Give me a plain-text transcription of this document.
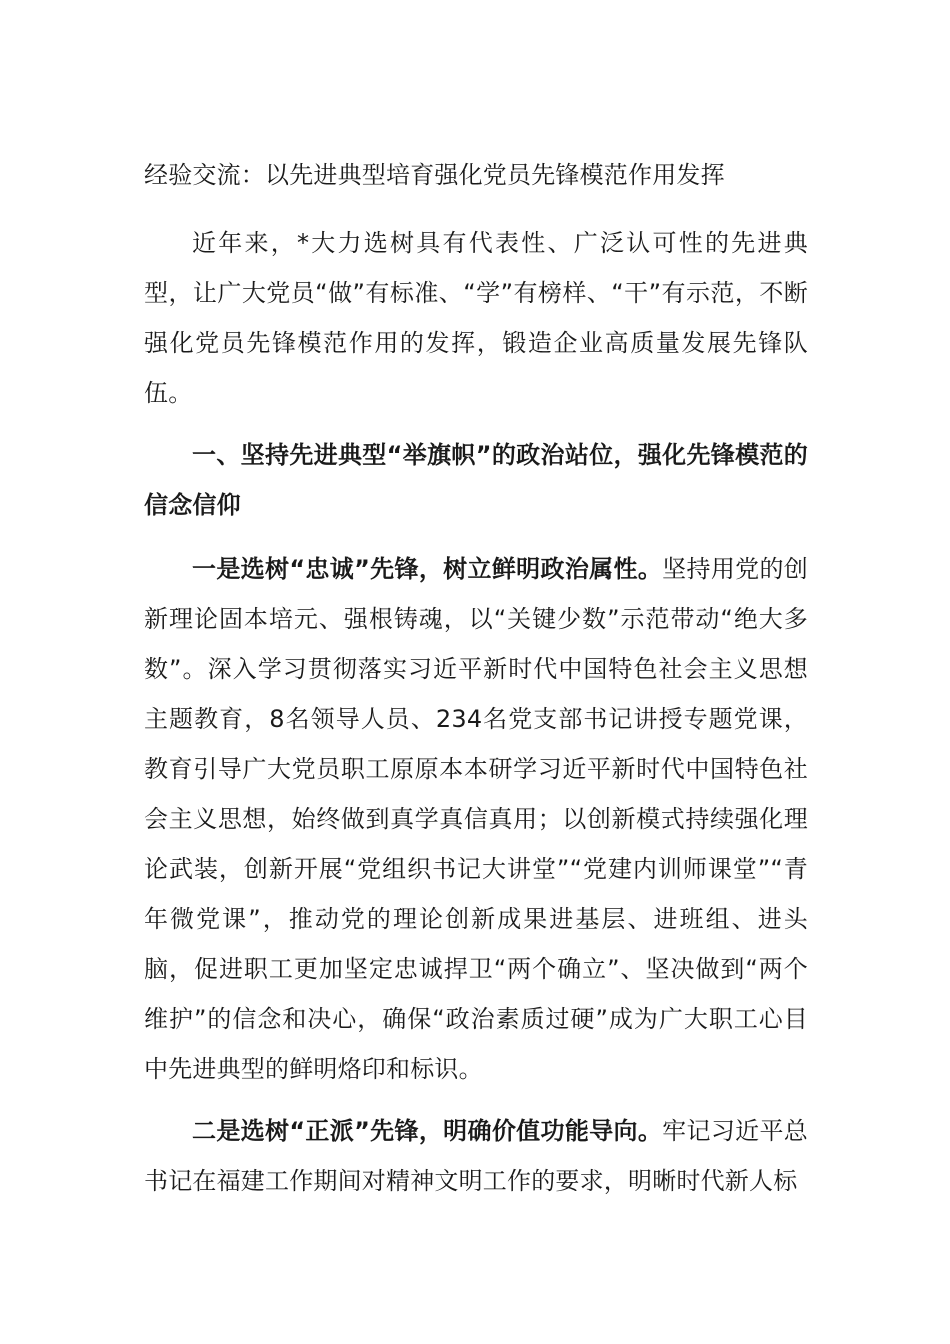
经验交流：以先进典型培育强化党员先锋模范作用发挥

近年来，*大力选树具有代表性、广泛认可性的先进典型，让广大党员“做”有标准、“学”有榜样、“干”有示范，不断强化党员先锋模范作用的发挥，锻造企业高质量发展先锋队伍。

一、坚持先进典型“举旗帜”的政治站位，强化先锋模范的信念信仰

一是选树“忠诚”先锋，树立鲜明政治属性。坚持用党的创新理论固本培元、强根铸魂，以“关键少数”示范带动“绝大多数”。深入学习贯彻落实习近平新时代中国特色社会主义思想主题教育，8名领导人员、234名党支部书记讲授专题党课，教育引导广大党员职工原原本本研学习近平新时代中国特色社会主义思想，始终做到真学真信真用；以创新模式持续强化理论武装，创新开展“党组织书记大讲堂”“党建内训师课堂”“青年微党课”，推动党的理论创新成果进基层、进班组、进头脑，促进职工更加坚定忠诚捍卫“两个确立”、坚决做到“两个维护”的信念和决心，确保“政治素质过硬”成为广大职工心目中先进典型的鲜明烙印和标识。

二是选树“正派”先锋，明确价值功能导向。牢记习近平总书记在福建工作期间对精神文明工作的要求，明晰时代新人标
